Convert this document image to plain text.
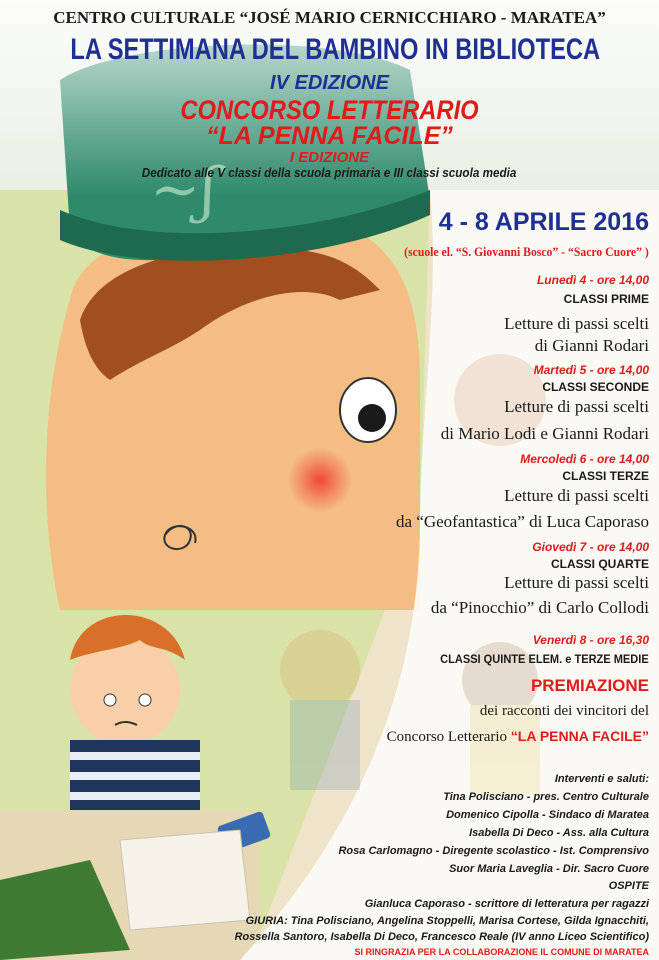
CENTRO CULTURALE “JOSÉ MARIO CERNICCHIARO - MARATEA”
LA SETTIMANA DEL BAMBINO IN BIBLIOTECA
IV EDIZIONE
CONCORSO LETTERARIO
“LA PENNA FACILE”
I EDIZIONE
Dedicato alle V classi della scuola primaria e III classi scuola media
4 - 8 APRILE 2016
(scuole el. “S. Giovanni Bosco” - “Sacro Cuore” )
Lunedì 4 - ore 14,00
CLASSI PRIME
Letture di passi scelti
di Gianni Rodari
Martedì 5 - ore 14,00
CLASSI SECONDE
Letture di passi scelti
di Mario Lodi e Gianni Rodari
Mercoledì 6 - ore 14,00
CLASSI TERZE
Letture di passi scelti
da “Geofantastica” di Luca Caporaso
Giovedì 7 - ore 14,00
CLASSI QUARTE
Letture di passi scelti
da “Pinocchio” di Carlo Collodi
Venerdì 8 - ore 16,30
CLASSI QUINTE ELEM. e TERZE MEDIE
PREMIAZIONE
dei racconti dei vincitori del
Concorso Letterario “LA PENNA FACILE”
Interventi e saluti:
Tina Polisciano - pres. Centro Culturale
Domenico Cipolla - Sindaco di Maratea
Isabella Di Deco - Ass. alla Cultura
Rosa Carlomagno - Diregente scolastico - Ist. Comprensivo
Suor Maria Laveglia - Dir. Sacro Cuore
OSPITE
Gianluca Caporaso - scrittore di letteratura per ragazzi
GIURIA: Tina Polisciano, Angelina Stoppelli, Marisa Cortese, Gilda Ignacchiti,
Rossella Santoro, Isabella Di Deco, Francesco Reale (IV anno Liceo Scientifico)
SI RINGRAZIA PER LA COLLABORAZIONE IL COMUNE DI MARATEA
